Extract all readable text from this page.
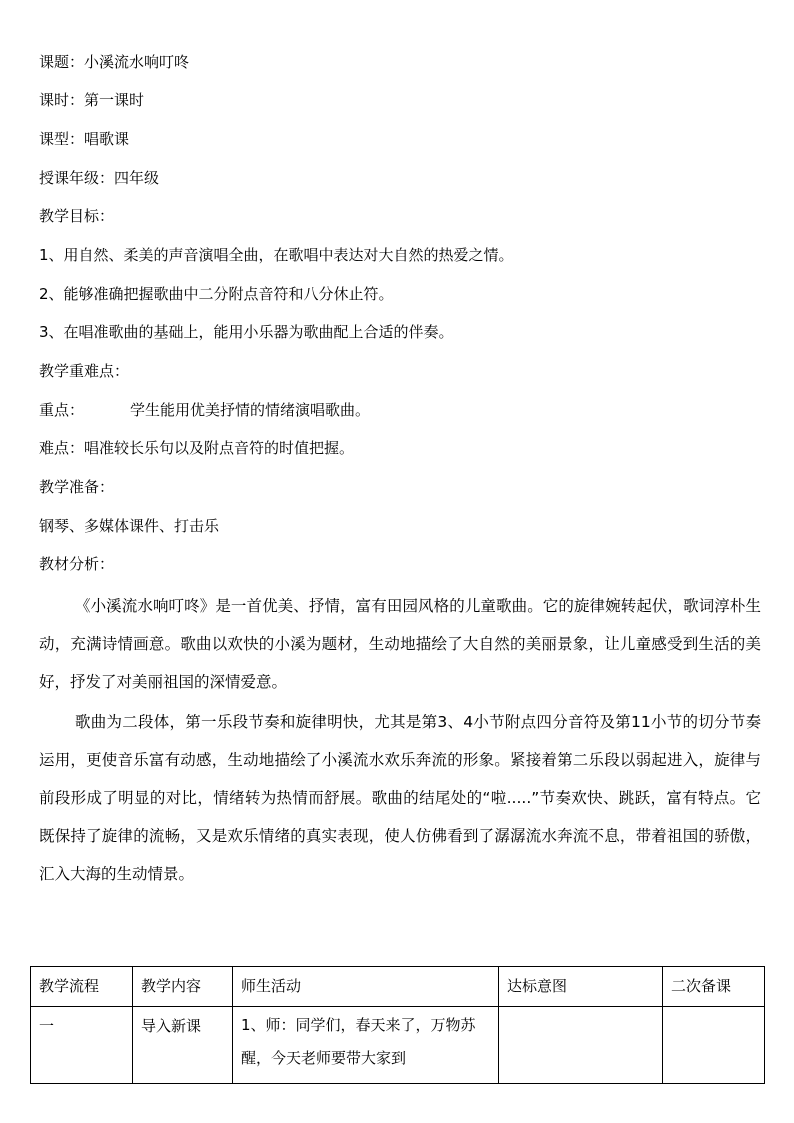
课题：小溪流水响叮咚
课时：第一课时
课型：唱歌课
授课年级：四年级
教学目标：
1、用自然、柔美的声音演唱全曲，在歌唱中表达对大自然的热爱之情。
2、能够准确把握歌曲中二分附点音符和八分休止符。
3、在唱准歌曲的基础上，能用小乐器为歌曲配上合适的伴奏。
教学重难点：
重点：	学生能用优美抒情的情绪演唱歌曲。
难点：唱准较长乐句以及附点音符的时值把握。
教学准备：
钢琴、多媒体课件、打击乐
教材分析：

《小溪流水响叮咚》是一首优美、抒情，富有田园风格的儿童歌曲。它的旋律婉转起伏，歌词淳朴生动，充满诗情画意。歌曲以欢快的小溪为题材，生动地描绘了大自然的美丽景象，让儿童感受到生活的美好，抒发了对美丽祖国的深情爱意。

歌曲为二段体，第一乐段节奏和旋律明快，尤其是第3、4小节附点四分音符及第11小节的切分节奏运用，更使音乐富有动感，生动地描绘了小溪流水欢乐奔流的形象。紧接着第二乐段以弱起进入，旋律与前段形成了明显的对比，情绪转为热情而舒展。歌曲的结尾处的“啦.....”节奏欢快、跳跃，富有特点。它既保持了旋律的流畅，又是欢乐情绪的真实表现，使人仿佛看到了潺潺流水奔流不息，带着祖国的骄傲，汇入大海的生动情景。

教学流程	教学内容	师生活动	达标意图	二次备课
一	导入新课	1、师：同学们，春天来了，万物苏醒，今天老师要带大家到		
